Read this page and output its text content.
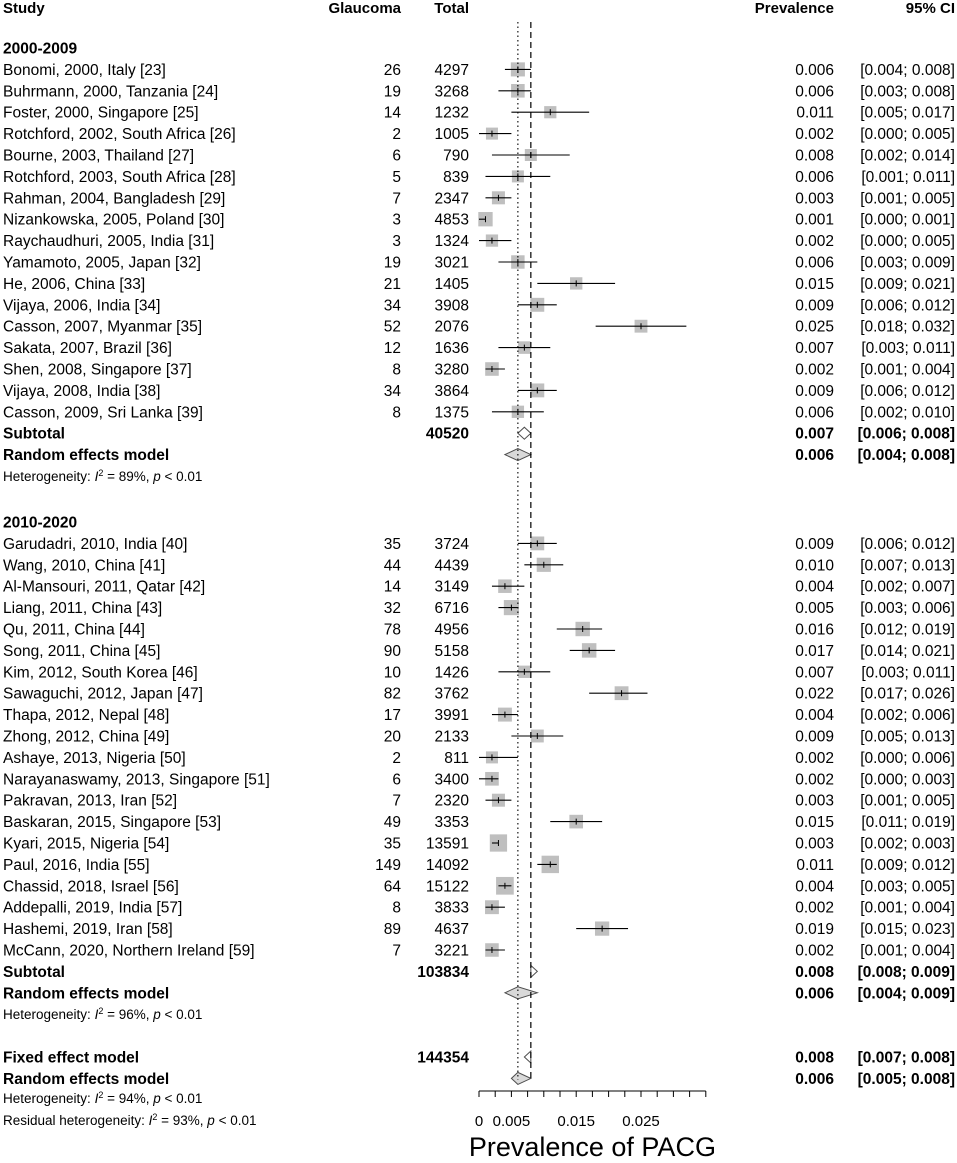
Study	Glaucoma Total	Prevalence	95% CI
2000-2009
Bonomi, 2000, Italy [23]	26 4297	0.006 [0.004; 0.008]
Buhrmann, 2000, Tanzania [24]	19 3268	0.006 [0.003; 0.008]
Foster, 2000, Singapore [25]	14 1232	0.011 [0.005; 0.017]
Rotchford, 2002, South Africa [26]	2 1005	0.002 [0.000; 0.005]
Bourne, 2003, Thailand [27]	6	790	0.008 [0.002; 0.014]
Rotchford, 2003, South Africa [28]	5	839	0.006 [0.001; 0.011]
Rahman, 2004, Bangladesh [29]	7 2347	0.003 [0.001; 0.005]
Nizankowska, 2005, Poland [30]	3 4853	0.001 [0.000; 0.001]
Raychaudhuri, 2005, India [31]	3 1324	0.002 [0.000; 0.005]
Yamamoto, 2005, Japan [32]	19 3021	0.006 [0.003; 0.009]
He, 2006, China [33]	21 1405	0.015 [0.009; 0.021]
Vijaya, 2006, India [34]	34 3908	0.009 [0.006; 0.012]
Casson, 2007, Myanmar [35]	52 2076	0.025 [0.018; 0.032]
Sakata, 2007, Brazil [36]	12 1636	0.007 [0.003; 0.011]
Shen, 2008, Singapore [37]	8 3280	0.002 [0.001; 0.004]
Vijaya, 2008, India [38]	34 3864	0.009 [0.006; 0.012]
Casson, 2009, Sri Lanka [39]	8 1375	0.006 [0.002; 0.010]
Subtotal	40520	0.007 [0.006; 0.008]
Random effects model	0.006 [0.004; 0.008]
Heterogeneity: $I^2 = 89\%$, p < 0.01
2010-2020
Garudadri, 2010, India [40]	35 3724	0.009 [0.006; 0.012]
Wang, 2010, China [41]	44 4439	0.010 [0.007; 0.013]
Al-Mansouri, 2011, Qatar [42]	14 3149	0.004 [0.002; 0.007]
Liang, 2011, China [43]	32 6716	0.005 [0.003; 0.006]
Qu, 2011, China [44]	78 4956	0.016 [0.012; 0.019]
Song, 2011, China [45]	90 5158	0.017 [0.014; 0.021]
Kim, 2012, South Korea [46]	10 1426	0.007 [0.003; 0.011]
Sawaguchi, 2012, Japan [47]	82 3762	0.022 [0.017; 0.026]
Thapa, 2012, Nepal [48]	17 3991	0.004 [0.002; 0.006]
Zhong, 2012, China [49]	20 2133	0.009 [0.005; 0.013]
Ashaye, 2013, Nigeria [50]	2	811	0.002 [0.000; 0.006]
Narayanaswamy, 2013, Singapore [51]	6 3400	0.002 [0.000; 0.003]
Pakravan, 2013, Iran [52]	7 2320	0.003 [0.001; 0.005]
Baskaran, 2015, Singapore [53]	49 3353	0.015 [0.011; 0.019]
Kyari, 2015, Nigeria [54]	35 13591	0.003 [0.002; 0.003]
Paul, 2016, India [55]	149 14092	0.011 [0.009; 0.012]
Chassid, 2018, Israel [56]	64 15122	0.004 [0.003; 0.005]
Addepalli, 2019, India [57]	8 3833	0.002 [0.001; 0.004]
Hashemi, 2019, Iran [58]	89 4637	0.019 [0.015; 0.023]
McCann, 2020, Northern Ireland [59]	7 3221	0.002 [0.001; 0.004]
Subtotal	103834	0.008 [0.008; 0.009]
Random effects model	0.006 [0.004; 0.009]
Heterogeneity: $I^2 = 96\%$, p < 0.01
Fixed effect model	144354	0.008 [0.007; 0.008]
Random effects model	0.006 [0.005; 0.008]
Heterogeneity: $I^2 = 94\%$, p < 0.01
Residual heterogeneity: $I^2 = 93\%$, p < 0.01	0 0.005 0.015 0.025
Prevalence of PACG
